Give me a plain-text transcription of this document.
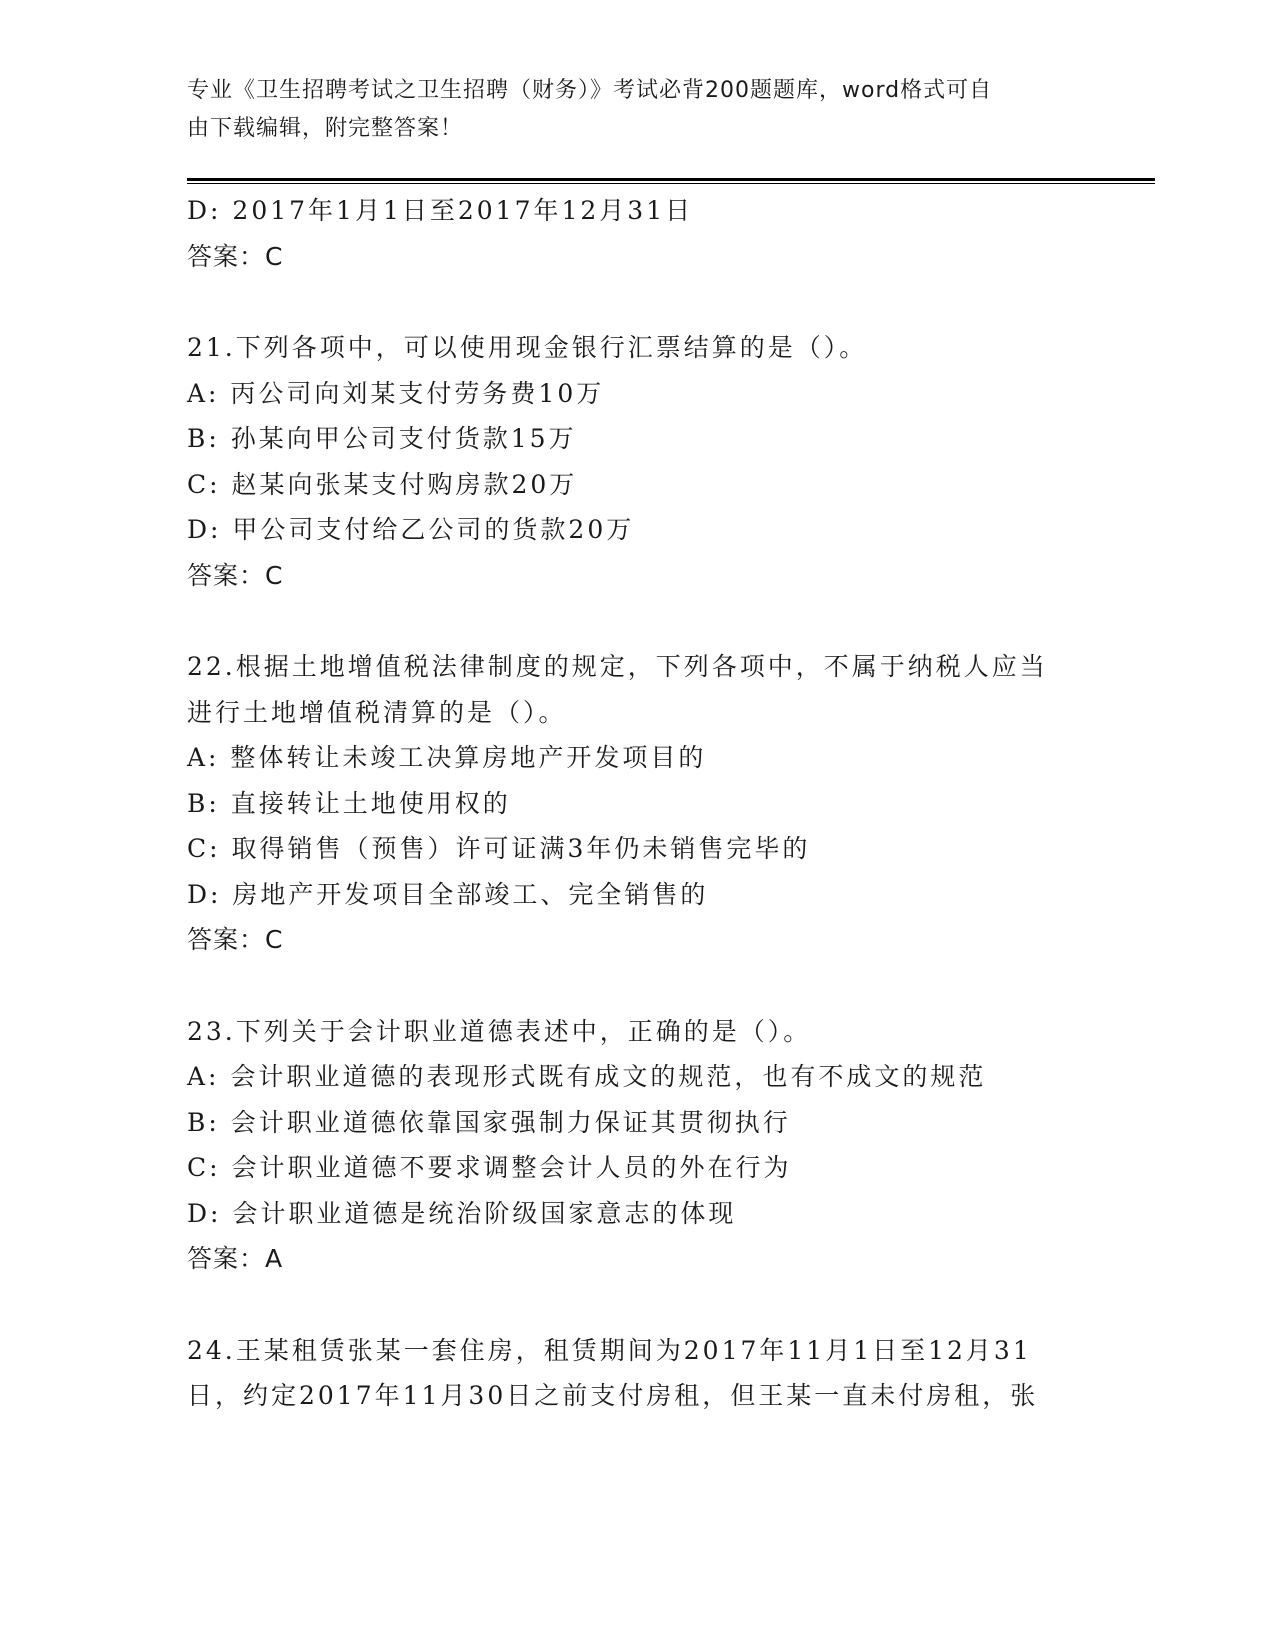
专业《卫生招聘考试之卫生招聘（财务）》考试必背200题题库，word格式可自
由下载编辑，附完整答案！
D: 2017年1月1日至2017年12月31日
答案：C
21.下列各项中，可以使用现金银行汇票结算的是（）。
A: 丙公司向刘某支付劳务费10万
B: 孙某向甲公司支付货款15万
C: 赵某向张某支付购房款20万
D: 甲公司支付给乙公司的货款20万
答案：C
22.根据土地增值税法律制度的规定，下列各项中，不属于纳税人应当
进行土地增值税清算的是（）。
A: 整体转让未竣工决算房地产开发项目的
B: 直接转让土地使用权的
C: 取得销售（预售）许可证满3年仍未销售完毕的
D: 房地产开发项目全部竣工、完全销售的
答案：C
23.下列关于会计职业道德表述中，正确的是（）。
A: 会计职业道德的表现形式既有成文的规范，也有不成文的规范
B: 会计职业道德依靠国家强制力保证其贯彻执行
C: 会计职业道德不要求调整会计人员的外在行为
D: 会计职业道德是统治阶级国家意志的体现
答案：A
24.王某租赁张某一套住房，租赁期间为2017年11月1日至12月31
日，约定2017年11月30日之前支付房租，但王某一直未付房租，张
